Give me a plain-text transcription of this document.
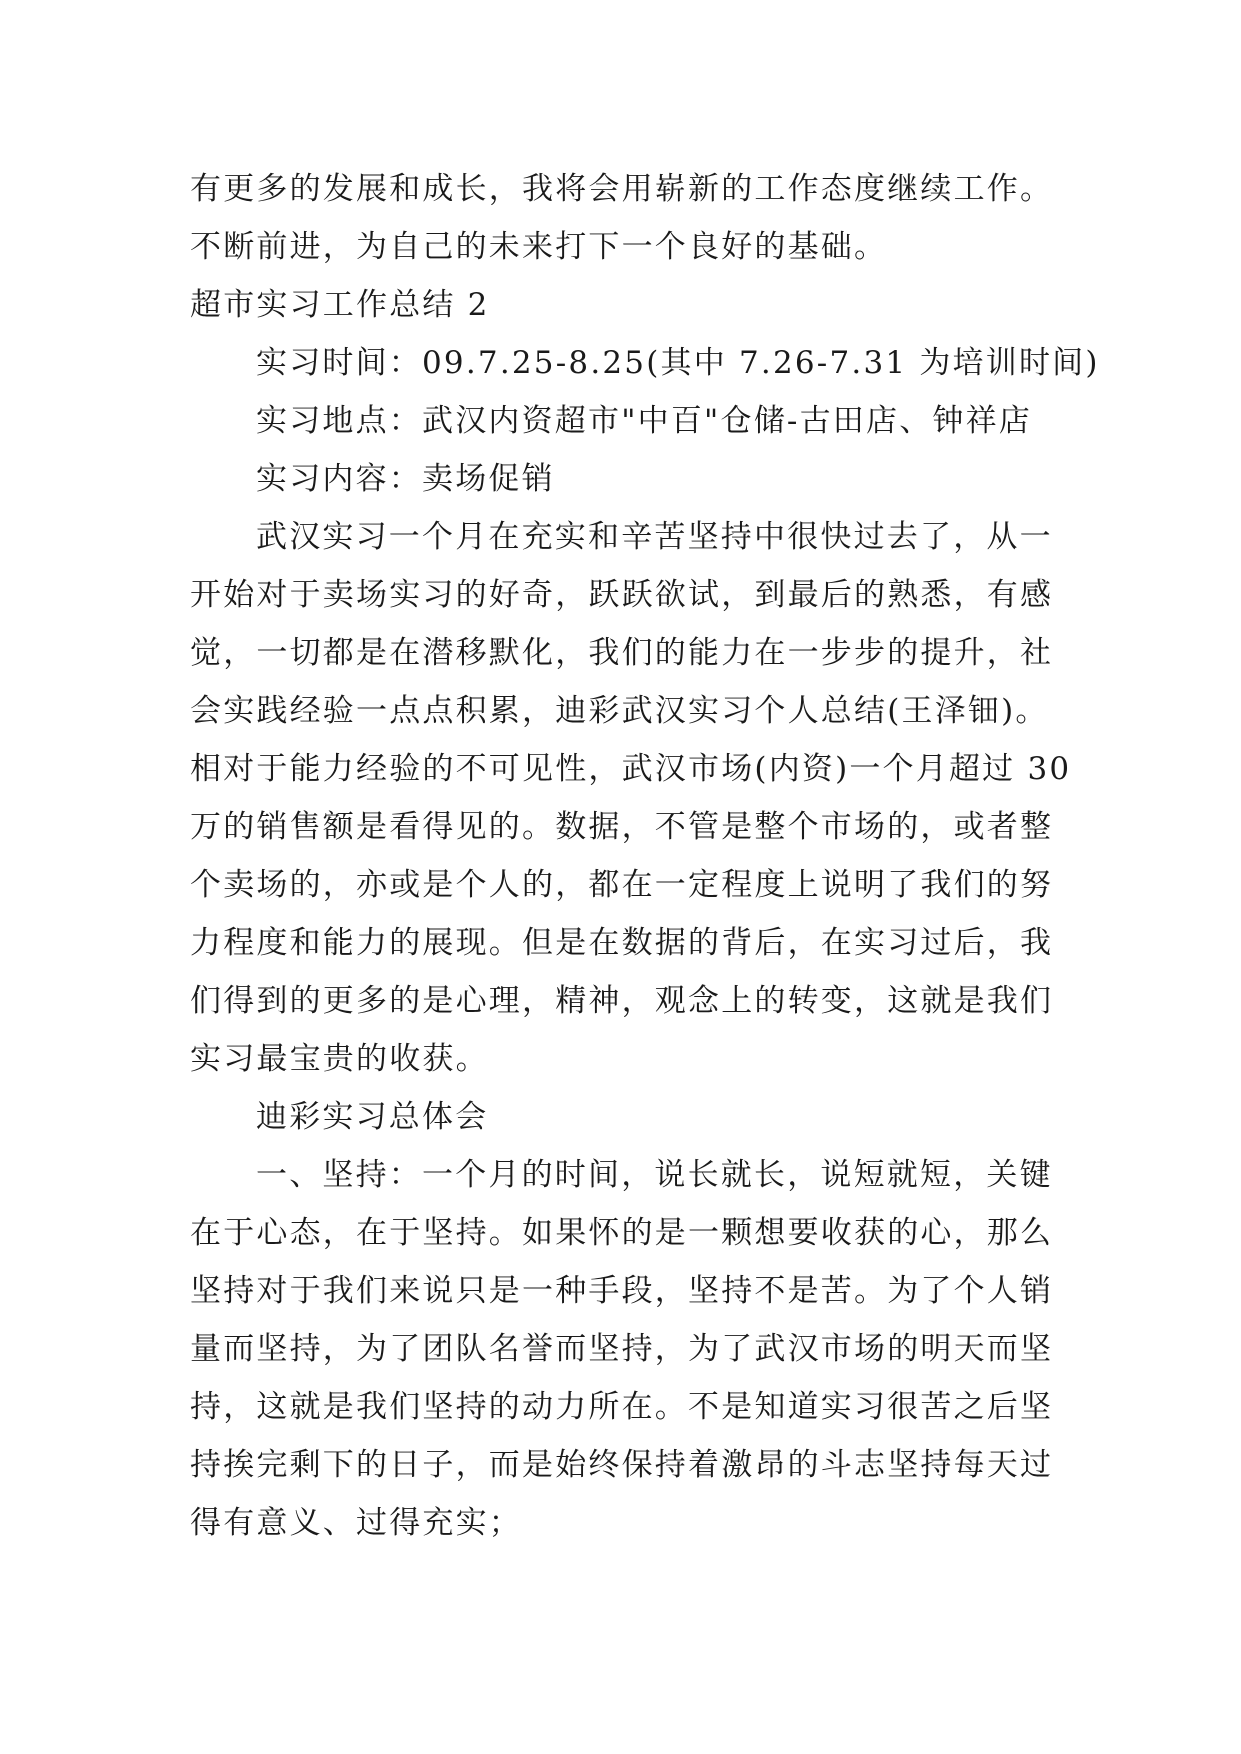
有更多的发展和成长，我将会用崭新的工作态度继续工作。

不断前进，为自己的未来打下一个良好的基础。

超市实习工作总结 2

实习时间：09.7.25-8.25(其中 7.26-7.31 为培训时间)

实习地点：武汉内资超市"中百"仓储-古田店、钟祥店

实习内容：卖场促销

武汉实习一个月在充实和辛苦坚持中很快过去了，从一

开始对于卖场实习的好奇，跃跃欲试，到最后的熟悉，有感

觉，一切都是在潜移默化，我们的能力在一步步的提升，社

会实践经验一点点积累，迪彩武汉实习个人总结(王泽钿)。

相对于能力经验的不可见性，武汉市场(内资)一个月超过 30

万的销售额是看得见的。数据，不管是整个市场的，或者整

个卖场的，亦或是个人的，都在一定程度上说明了我们的努

力程度和能力的展现。但是在数据的背后，在实习过后，我

们得到的更多的是心理，精神，观念上的转变，这就是我们

实习最宝贵的收获。

迪彩实习总体会

一、坚持：一个月的时间，说长就长，说短就短，关键

在于心态，在于坚持。如果怀的是一颗想要收获的心，那么

坚持对于我们来说只是一种手段，坚持不是苦。为了个人销

量而坚持，为了团队名誉而坚持，为了武汉市场的明天而坚

持，这就是我们坚持的动力所在。不是知道实习很苦之后坚

持挨完剩下的日子，而是始终保持着激昂的斗志坚持每天过

得有意义、过得充实；
